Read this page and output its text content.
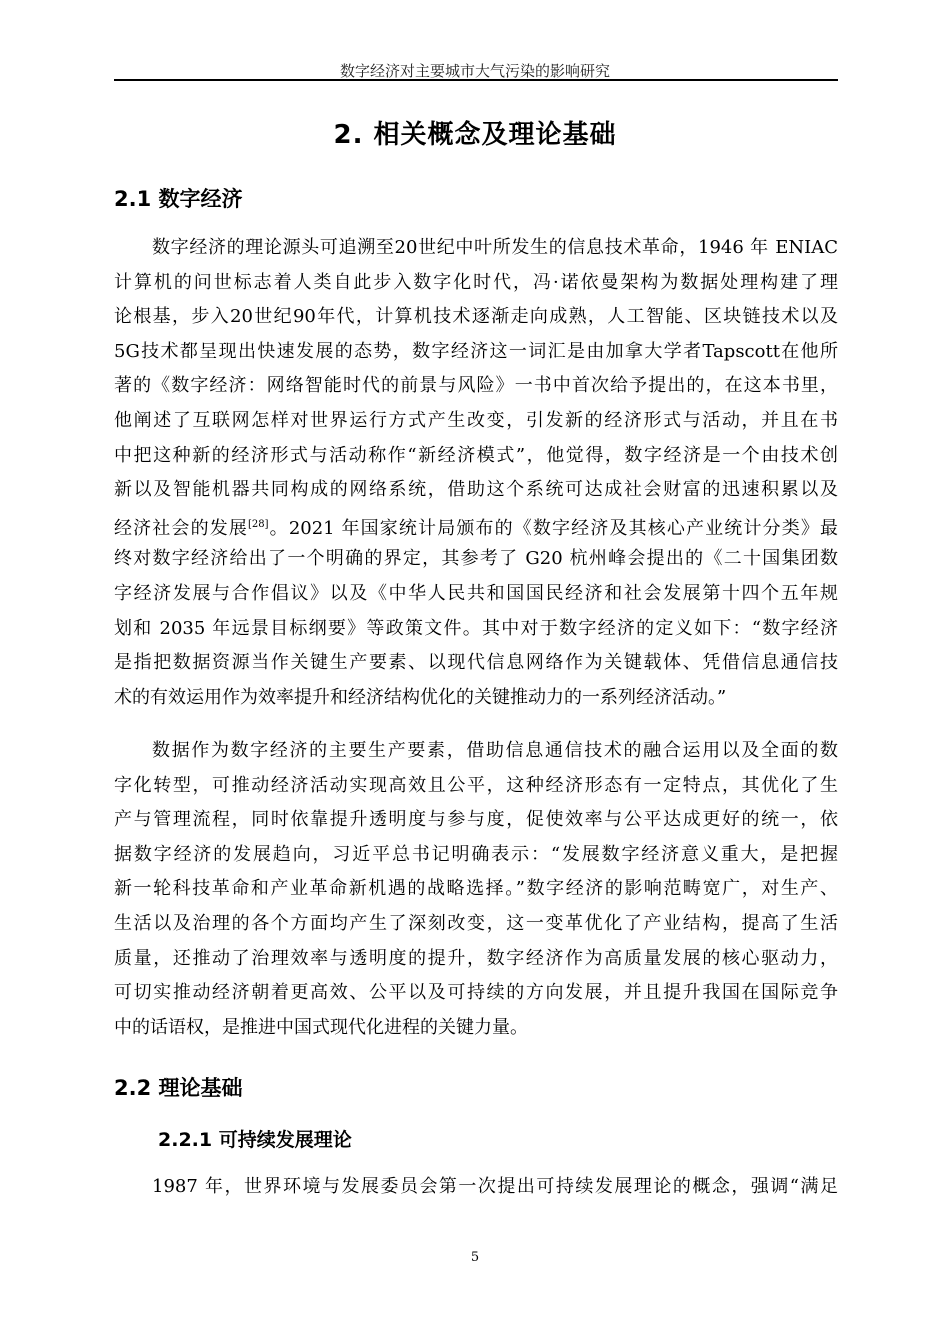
数字经济对主要城市大气污染的影响研究
2. 相关概念及理论基础
2.1 数字经济
数字经济的理论源头可追溯至20世纪中叶所发生的信息技术革命，1946 年 ENIAC
计算机的问世标志着人类自此步入数字化时代，冯·诺依曼架构为数据处理构建了理
论根基，步入20世纪90年代，计算机技术逐渐走向成熟，人工智能、区块链技术以及
5G技术都呈现出快速发展的态势，数字经济这一词汇是由加拿大学者Tapscott在他所
著的《数字经济：网络智能时代的前景与风险》一书中首次给予提出的，在这本书里，
他阐述了互联网怎样对世界运行方式产生改变，引发新的经济形式与活动，并且在书
中把这种新的经济形式与活动称作“新经济模式”，他觉得，数字经济是一个由技术创
新以及智能机器共同构成的网络系统，借助这个系统可达成社会财富的迅速积累以及
经济社会的发展[28]。2021 年国家统计局颁布的《数字经济及其核心产业统计分类》最
终对数字经济给出了一个明确的界定，其参考了 G20 杭州峰会提出的《二十国集团数
字经济发展与合作倡议》以及《中华人民共和国国民经济和社会发展第十四个五年规
划和 2035 年远景目标纲要》等政策文件。其中对于数字经济的定义如下：“数字经济
是指把数据资源当作关键生产要素、以现代信息网络作为关键载体、凭借信息通信技
术的有效运用作为效率提升和经济结构优化的关键推动力的一系列经济活动。”
数据作为数字经济的主要生产要素，借助信息通信技术的融合运用以及全面的数
字化转型，可推动经济活动实现高效且公平，这种经济形态有一定特点，其优化了生
产与管理流程，同时依靠提升透明度与参与度，促使效率与公平达成更好的统一，依
据数字经济的发展趋向，习近平总书记明确表示：“发展数字经济意义重大，是把握
新一轮科技革命和产业革命新机遇的战略选择。”数字经济的影响范畴宽广，对生产、
生活以及治理的各个方面均产生了深刻改变，这一变革优化了产业结构，提高了生活
质量，还推动了治理效率与透明度的提升，数字经济作为高质量发展的核心驱动力，
可切实推动经济朝着更高效、公平以及可持续的方向发展，并且提升我国在国际竞争
中的话语权，是推进中国式现代化进程的关键力量。
2.2 理论基础
2.2.1 可持续发展理论
1987 年，世界环境与发展委员会第一次提出可持续发展理论的概念，强调“满足
5
